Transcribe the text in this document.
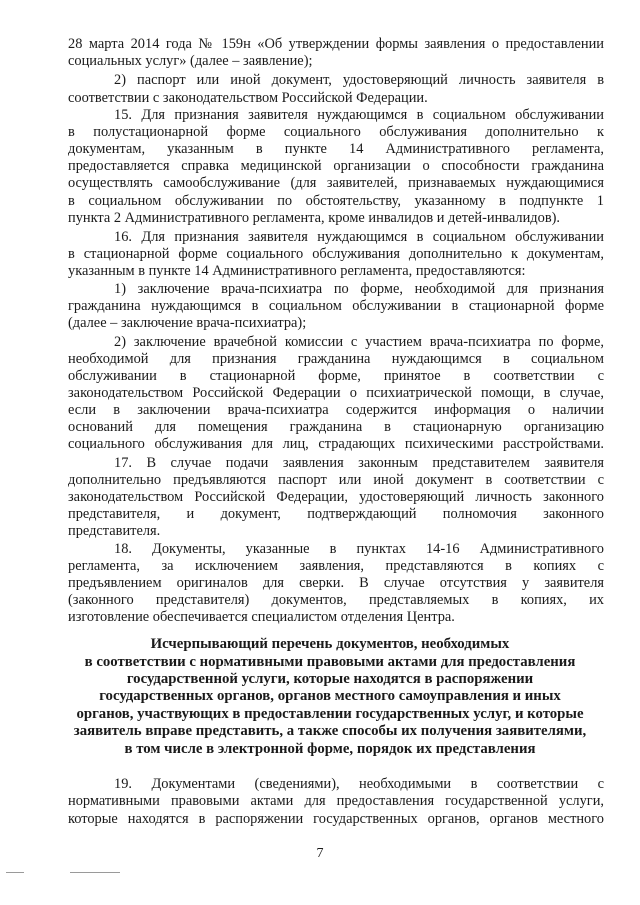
28 марта 2014 года № 159н «Об утверждении формы заявления о предоставлении
социальных услуг» (далее – заявление);
2) паспорт или иной документ, удостоверяющий личность заявителя в
соответствии с законодательством Российской Федерации.
15. Для признания заявителя нуждающимся в социальном обслуживании
в полустационарной форме социального обслуживания дополнительно к
документам, указанным в пункте 14 Административного регламента,
предоставляется справка медицинской организации о способности гражданина
осуществлять самообслуживание (для заявителей, признаваемых нуждающимися
в социальном обслуживании по обстоятельству, указанному в подпункте 1
пункта 2 Административного регламента, кроме инвалидов и детей-инвалидов).
16. Для признания заявителя нуждающимся в социальном обслуживании
в стационарной форме социального обслуживания дополнительно к документам,
указанным в пункте 14 Административного регламента, предоставляются:
1) заключение врача-психиатра по форме, необходимой для признания
гражданина нуждающимся в социальном обслуживании в стационарной форме
(далее – заключение врача-психиатра);
2) заключение врачебной комиссии с участием врача-психиатра по форме,
необходимой для признания гражданина нуждающимся в социальном
обслуживании в стационарной форме, принятое в соответствии с
законодательством Российской Федерации о психиатрической помощи, в случае,
если в заключении врача-психиатра содержится информация о наличии
оснований для помещения гражданина в стационарную организацию
социального обслуживания для лиц, страдающих психическими расстройствами.
17. В случае подачи заявления законным представителем заявителя
дополнительно предъявляются паспорт или иной документ в соответствии с
законодательством Российской Федерации, удостоверяющий личность законного
представителя, и документ, подтверждающий полномочия законного
представителя.
18. Документы, указанные в пунктах 14-16 Административного
регламента, за исключением заявления, представляются в копиях с
предъявлением оригиналов для сверки. В случае отсутствия у заявителя
(законного представителя) документов, представляемых в копиях, их
изготовление обеспечивается специалистом отделения Центра.
Исчерпывающий перечень документов, необходимых
в соответствии с нормативными правовыми актами для предоставления
государственной услуги, которые находятся в распоряжении
государственных органов, органов местного самоуправления и иных
органов, участвующих в предоставлении государственных услуг, и которые
заявитель вправе представить, а также способы их получения заявителями,
в том числе в электронной форме, порядок их представления
19. Документами (сведениями), необходимыми в соответствии с
нормативными правовыми актами для предоставления государственной услуги,
которые находятся в распоряжении государственных органов, органов местного
7
